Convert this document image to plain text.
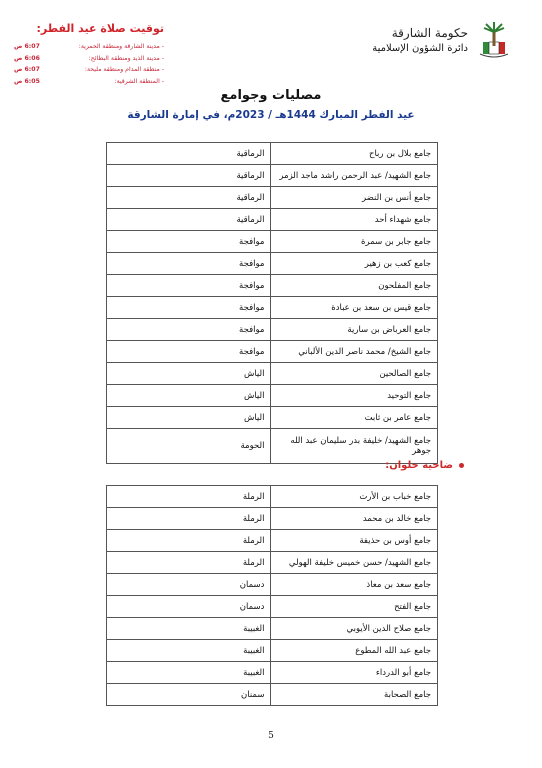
توقيت صلاة عيد الفطر:
- مدينة الشارقة ومنطقة الحمرية:
6:07 ص
- مدينة الذيد ومنطقة البطائح:
6:06 ص
- منطقة المدام ومنطقة مليحة:
6:07 ص
- المنطقة الشرقية:
6:05 ص
حكومة الشارقة
دائرة الشؤون الإسلامية
مصليات وجوامع
عيد الفطر المبارك 1444هـ / 2023م، في إمارة الشارقة
جامع بلال بن رباح	الرماقية
جامع الشهيد/ عبد الرحمن راشد ماجد الزمر	الرماقية
جامع أنس بن النضر	الرماقية
جامع شهداء أحد	الرماقية
جامع جابر بن سمرة	موافجة
جامع كعب بن زهير	موافجة
جامع المفلحون	موافجة
جامع قيس بن سعد بن عبادة	موافجة
جامع العرباض بن سارية	موافجة
جامع الشيخ/ محمد ناصر الدين الألباني	موافجة
جامع الصالحين	الياش
جامع التوحيد	الياش
جامع عامر بن ثابت	الياش
جامع الشهيد/ خليفة بدر سليمان عبد الله جوهر	الحومة
ضاحية حلوان:
جامع خباب بن الأرت	الرملة
جامع خالد بن محمد	الرملة
جامع أوس بن حذيفة	الرملة
جامع الشهيد/ حسن خميس خليفة الهولي	الرملة
جامع سعد بن معاذ	دسمان
جامع الفتح	دسمان
جامع صلاح الدين الأيوبي	الغبيبة
جامع عبد الله المطوع	الغبيبة
جامع أبو الدرداء	الغبيبة
جامع الصحابة	سمنان
5
